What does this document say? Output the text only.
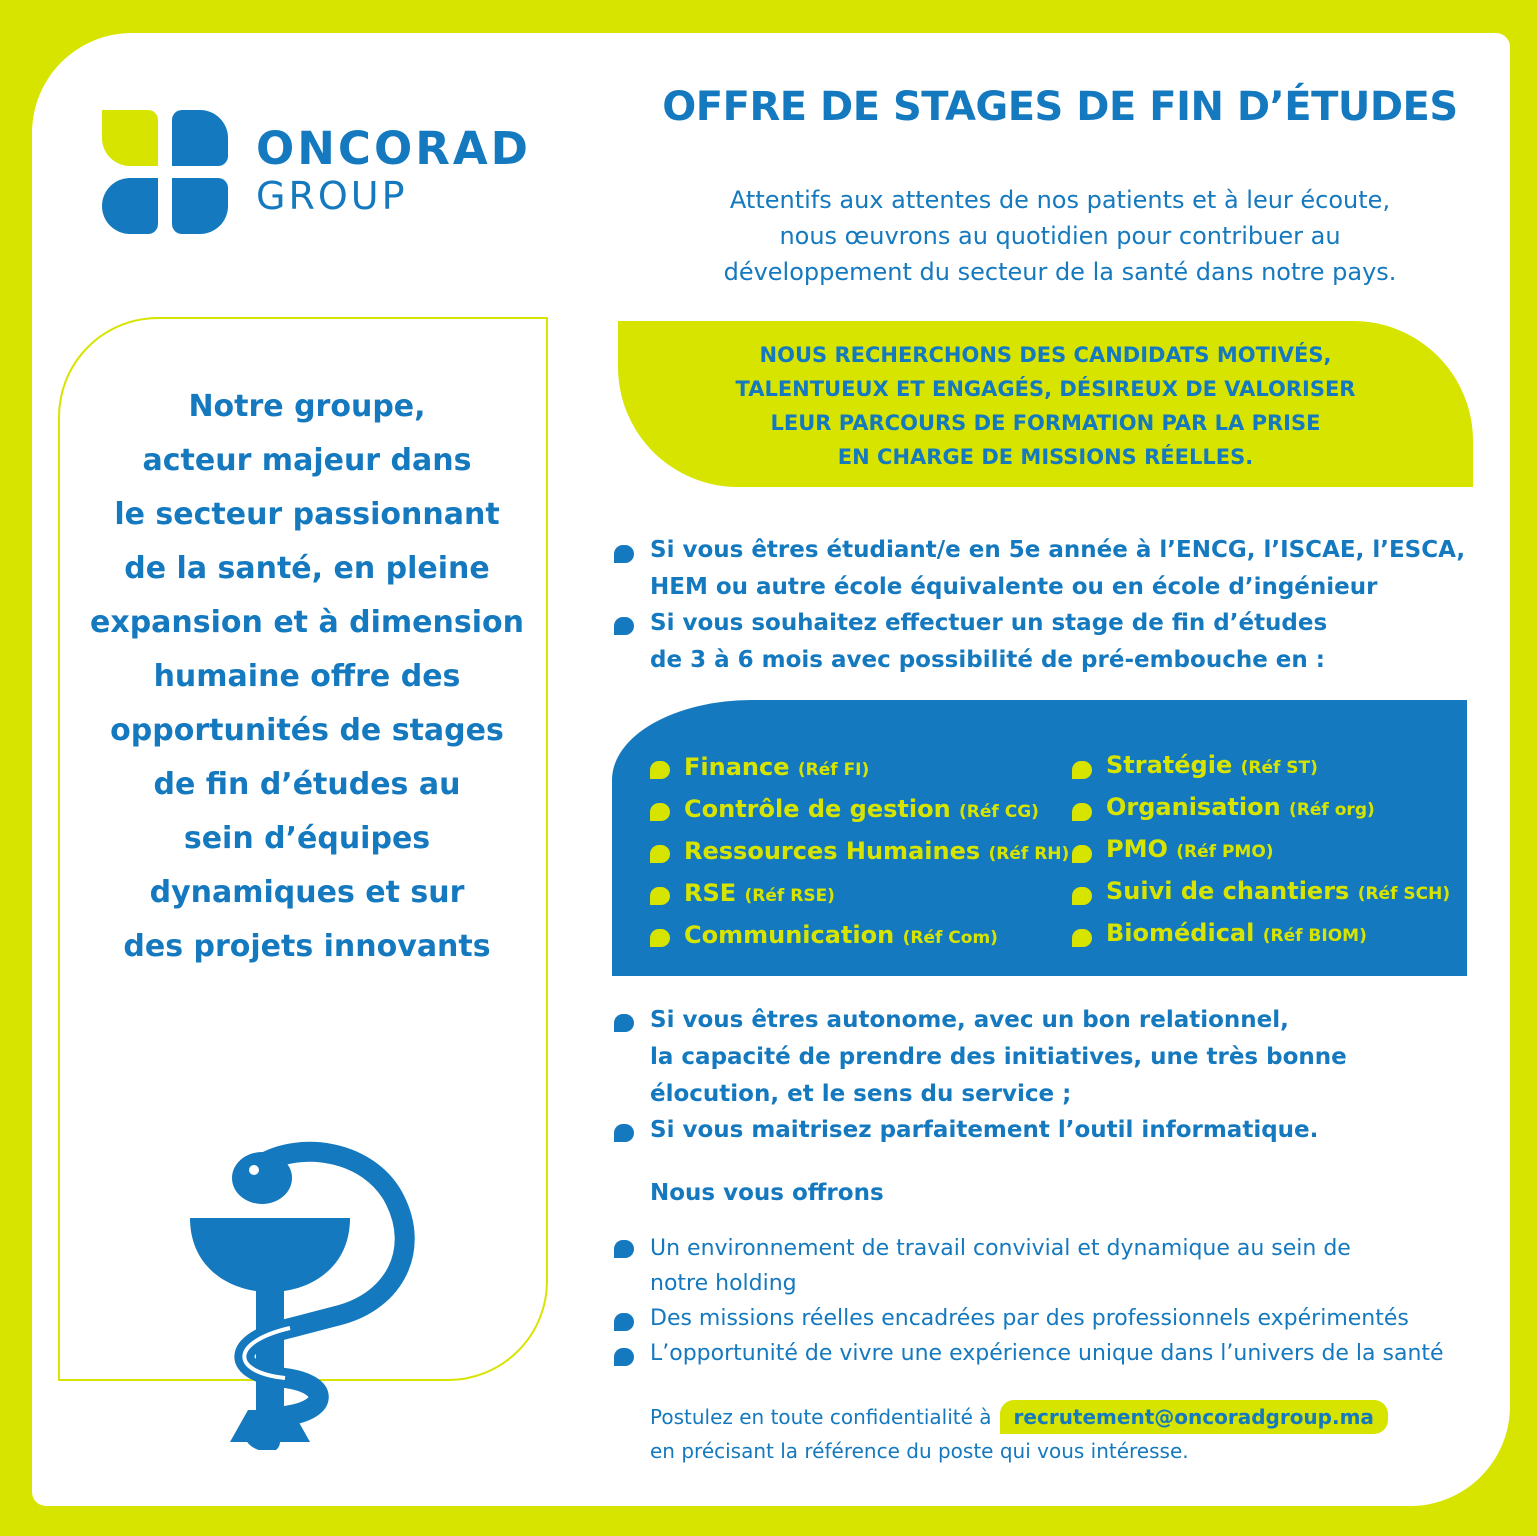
ONCORAD
GROUP
OFFRE DE STAGES DE FIN D’ÉTUDES
Attentifs aux attentes de nos patients et à leur écoute,
nous œuvrons au quotidien pour contribuer au
développement du secteur de la santé dans notre pays.
NOUS RECHERCHONS DES CANDIDATS MOTIVÉS,
TALENTUEUX ET ENGAGÉS, DÉSIREUX DE VALORISER
LEUR PARCOURS DE FORMATION PAR LA PRISE
EN CHARGE DE MISSIONS RÉELLES.
Notre groupe,
acteur majeur dans
le secteur passionnant
de la santé, en pleine
expansion et à dimension
humaine offre des
opportunités de stages
de fin d’études au
sein d’équipes
dynamiques et sur
des projets innovants
Si vous êtres étudiant/e en 5e année à l’ENCG, l’ISCAE, l’ESCA,
HEM ou autre école équivalente ou en école d’ingénieur
Si vous souhaitez effectuer un stage de fin d’études
de 3 à 6 mois avec possibilité de pré-embouche en :
Finance (Réf FI)
Contrôle de gestion (Réf CG)
Ressources Humaines (Réf RH)
RSE (Réf RSE)
Communication (Réf Com)
Stratégie (Réf ST)
Organisation (Réf org)
PMO (Réf PMO)
Suivi de chantiers (Réf SCH)
Biomédical (Réf BIOM)
Si vous êtres autonome, avec un bon relationnel,
la capacité de prendre des initiatives, une très bonne
élocution, et le sens du service ;
Si vous maitrisez parfaitement l’outil informatique.
Nous vous offrons
Un environnement de travail convivial et dynamique au sein de
notre holding
Des missions réelles encadrées par des professionnels expérimentés
L’opportunité de vivre une expérience unique dans l’univers de la santé
Postulez en toute confidentialité à recrutement@oncoradgroup.ma
en précisant la référence du poste qui vous intéresse.
